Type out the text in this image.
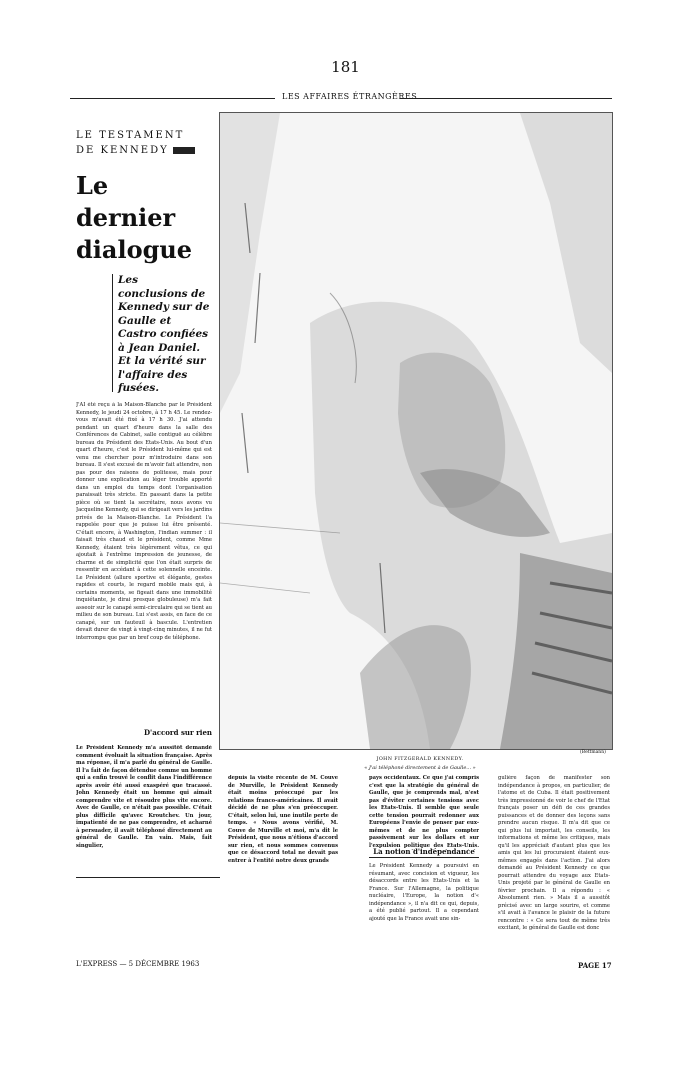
181
LES AFFAIRES ÉTRANGÈRES
LE TESTAMENT
DE KENNEDY
Le
dernier
dialogue
Les conclusions de Kennedy sur de Gaulle et Castro confiées à Jean Daniel. Et la vérité sur l'affaire des fusées.
J'AI été reçu à la Maison-Blanche par le Président Kennedy, le jeudi 24 octobre, à 17 h 45. Le rendez-vous m'avait été fixé à 17 h 30. J'ai attendu pendant un quart d'heure dans la salle des Conférences de Cabinet, salle contiguë au célèbre bureau du Président des Etats-Unis. Au bout d'un quart d'heure, c'est le Président lui-même qui est venu me chercher pour m'introduire dans son bureau. Il s'est excusé de m'avoir fait attendre, non pas pour des raisons de politesse, mais pour donner une explication au léger trouble apporté dans un emploi du temps dont l'organisation paraissait très stricte. En passant dans la petite pièce où se tient la secrétaire, nous avons vu Jacqueline Kennedy, qui se dirigeait vers les jardins privés de la Maison-Blanche. Le Président l'a rappelée pour que je puisse lui être présenté. C'était encore, à Washington, l'indian summer : il faisait très chaud et le président, comme Mme Kennedy, étaient très légèrement vêtus, ce qui ajoutait à l'extrême impression de jeunesse, de charme et de simplicité que l'on était surpris de ressentir en accédant à cette solennelle enceinte. Le Président (allure sportive et élégante, gestes rapides et courts, le regard mobile mais qui, à certains moments, se figeait dans une immobilité inquiétante, je dirai presque globuleuse) m'a fait asseoir sur le canapé semi-circulaire qui se tient au milieu de son bureau. Lui s'est assis, en face de ce canapé, sur un fauteuil à bascule. L'entretien devait durer de vingt à vingt-cinq minutes, il ne fut interrompu que par un bref coup de téléphone.
D'accord sur rien
Le Président Kennedy m'a aussitôt demandé comment évoluait la situation française. Après ma réponse, il m'a parlé du général de Gaulle. Il l'a fait de façon détendue comme un homme qui a enfin trouvé le conflit dans l'indifférence après avoir été aussi exaspéré que tracassé. John Kennedy était un homme qui aimait comprendre vite et résoudre plus vite encore. Avec de Gaulle, ce n'était pas possible. C'était plus difficile qu'avec Kroutchev. Un jour, impatienté de ne pas comprendre, et acharné à persuader, il avait téléphoné directement au général de Gaulle. En vain. Mais, fait singulier,
(Bettmann)
JOHN FITZGERALD KENNEDY.
« J'ai téléphoné directement à de Gaulle... »
depuis la visite récente de M. Couve de Murville, le Président Kennedy était moins préoccupé par les relations franco-américaines. Il avait décidé de ne plus s'en préoccuper. C'était, selon lui, une inutile perte de temps. « Nous avons vérifié, M. Couve de Murville et moi, m'a dit le Président, que nous n'étions d'accord sur rien, et nous sommes convenus que ce désaccord total ne devait pas entrer à l'entité notre deux grands
pays occidentaux. Ce que j'ai compris c'est que la stratégie du général de Gaulle, que je comprends mal, n'est pas d'éviter certaines tensions avec les Etats-Unis. Il semble que seule cette tension pourrait redonner aux Européens l'envie de penser par eux-mêmes et de ne plus compter passivement sur les dollars et sur l'expulsion politique des Etats-Unis.
La notion d'indépendance
Le Président Kennedy a poursuivi en résumant, avec concision et vigueur, les désaccords entre les Etats-Unis et la France. Sur l'Allemagne, la politique nucléaire, l'Europe, la notion d'« indépendance », il n'a dit ce qui, depuis, a été publié partout. Il a cependant ajouté que la France avait une sin-
gulière façon de manifester son indépendance à propos, en particulier, de l'atome et de Cuba. Il était positivement très impressionné de voir le chef de l'Etat français poser un défi de ces grandes puissances et de donner des leçons sans prendre aucun risque. Il m'a dit que ce qui plus lui importait, les conseils, les informations et même les critiques, mais qu'il les appréciait d'autant plus que les amis qui les lui procuraient étaient eux-mêmes engagés dans l'action. J'ai alors demandé au Président Kennedy ce que pourrait attendre du voyage aux Etats-Unis projeté par le général de Gaulle en février prochain. Il a répondu : « Absolument rien. » Mais il a aussitôt précisé avec un large sourire, et comme s'il avait à l'avance le plaisir de la future rencontre : « Ce sera tout de même très excitant, le général de Gaulle est donc
L'EXPRESS — 5 DÉCEMBRE 1963	PAGE 17
